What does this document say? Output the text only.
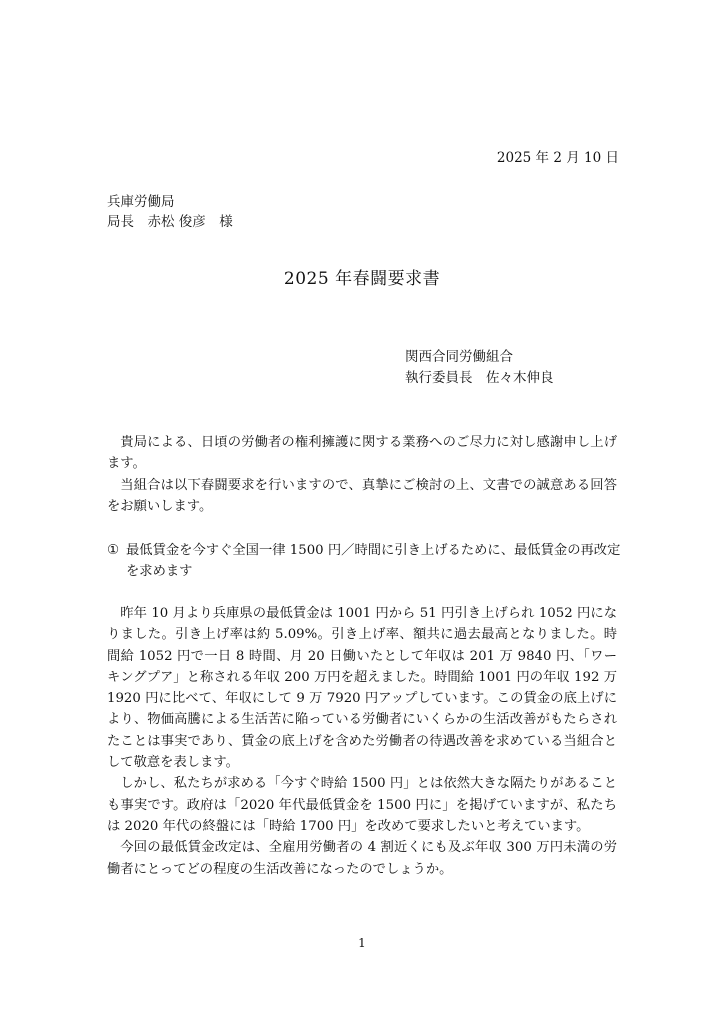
2025 年 2 月 10 日
兵庫労働局
局長　赤松 俊彦　様
2025 年春闘要求書
関西合同労働組合
執行委員長　佐々木伸良

貴局による、日頃の労働者の権利擁護に関する業務へのご尽力に対し感謝申し上げます。

当組合は以下春闘要求を行いますので、真摯にご検討の上、文書での誠意ある回答をお願いします。

① 最低賃金を今すぐ全国一律 1500 円／時間に引き上げるために、最低賃金の再改定を求めます

昨年 10 月より兵庫県の最低賃金は 1001 円から 51 円引き上げられ 1052 円になりました。引き上げ率は約 5.09%。引き上げ率、額共に過去最高となりました。時間給 1052 円で一日 8 時間、月 20 日働いたとして年収は 201 万 9840 円、「ワーキングプア」と称される年収 200 万円を超えました。時間給 1001 円の年収 192 万 1920 円に比べて、年収にして 9 万 7920 円アップしています。この賃金の底上げにより、物価高騰による生活苦に陥っている労働者にいくらかの生活改善がもたらされたことは事実であり、賃金の底上げを含めた労働者の待遇改善を求めている当組合として敬意を表します。

しかし、私たちが求める「今すぐ時給 1500 円」とは依然大きな隔たりがあることも事実です。政府は「2020 年代最低賃金を 1500 円に」を掲げていますが、私たちは 2020 年代の終盤には「時給 1700 円」を改めて要求したいと考えています。

今回の最低賃金改定は、全雇用労働者の 4 割近くにも及ぶ年収 300 万円未満の労働者にとってどの程度の生活改善になったのでしょうか。

1
